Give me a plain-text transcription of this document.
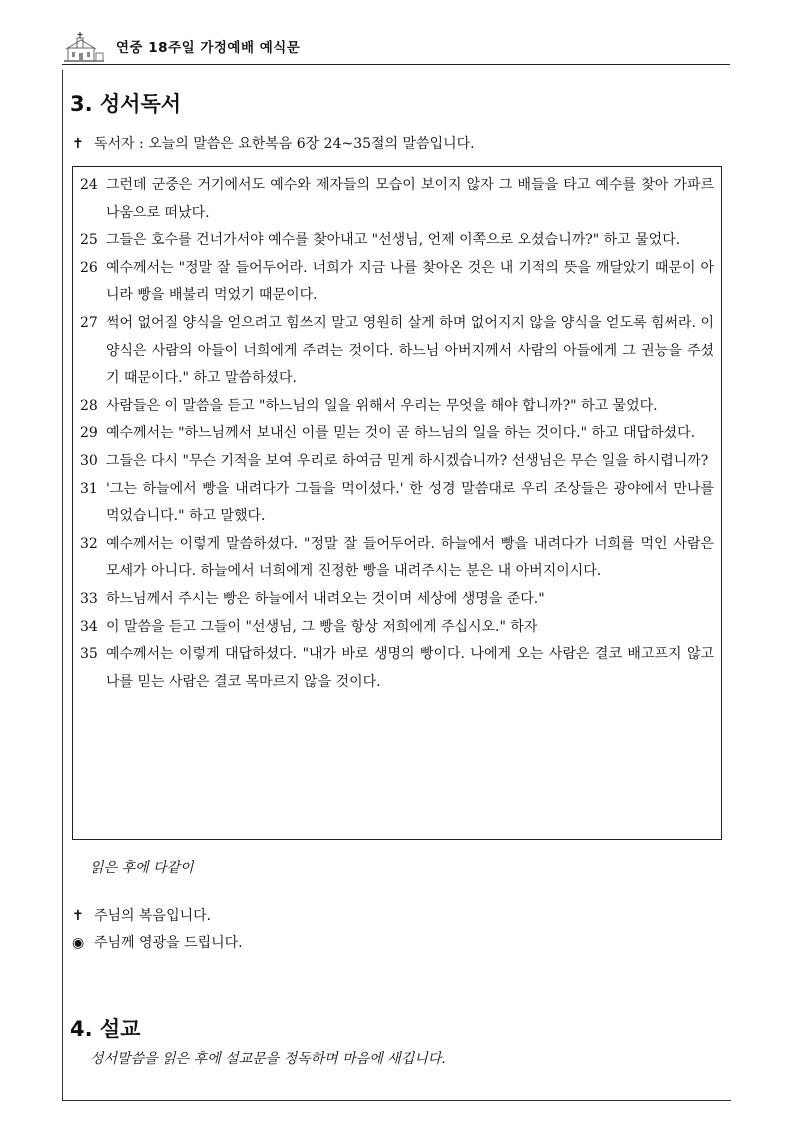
연중 18주일 가정예배 예식문
3. 성서독서
✝ 독서자 : 오늘의 말씀은 요한복음 6장 24~35절의 말씀입니다.
24 그런데 군중은 거기에서도 예수와 제자들의 모습이 보이지 않자 그 배들을 타고 예수를 찾아 가파르나움으로 떠났다.
25 그들은 호수를 건너가서야 예수를 찾아내고 "선생님, 언제 이쪽으로 오셨습니까?" 하고 물었다.
26 예수께서는 "정말 잘 들어두어라. 너희가 지금 나를 찾아온 것은 내 기적의 뜻을 깨달았기 때문이 아니라 빵을 배불리 먹었기 때문이다.
27 썩어 없어질 양식을 얻으려고 힘쓰지 말고 영원히 살게 하며 없어지지 않을 양식을 얻도록 힘써라. 이 양식은 사람의 아들이 너희에게 주려는 것이다. 하느님 아버지께서 사람의 아들에게 그 권능을 주셨기 때문이다." 하고 말씀하셨다.
28 사람들은 이 말씀을 듣고 "하느님의 일을 위해서 우리는 무엇을 해야 합니까?" 하고 물었다.
29 예수께서는 "하느님께서 보내신 이를 믿는 것이 곧 하느님의 일을 하는 것이다." 하고 대답하셨다.
30 그들은 다시 "무슨 기적을 보여 우리로 하여금 믿게 하시겠습니까? 선생님은 무슨 일을 하시렵니까?
31 '그는 하늘에서 빵을 내려다가 그들을 먹이셨다.' 한 성경 말씀대로 우리 조상들은 광야에서 만나를 먹었습니다." 하고 말했다.
32 예수께서는 이렇게 말씀하셨다. "정말 잘 들어두어라. 하늘에서 빵을 내려다가 너희를 먹인 사람은 모세가 아니다. 하늘에서 너희에게 진정한 빵을 내려주시는 분은 내 아버지이시다.
33 하느님께서 주시는 빵은 하늘에서 내려오는 것이며 세상에 생명을 준다."
34 이 말씀을 듣고 그들이 "선생님, 그 빵을 항상 저희에게 주십시오." 하자
35 예수께서는 이렇게 대답하셨다. "내가 바로 생명의 빵이다. 나에게 오는 사람은 결코 배고프지 않고 나를 믿는 사람은 결코 목마르지 않을 것이다.
읽은 후에 다같이
✝ 주님의 복음입니다.
◉ 주님께 영광을 드립니다.
4. 설교
성서말씀을 읽은 후에 설교문을 정독하며 마음에 새깁니다.
